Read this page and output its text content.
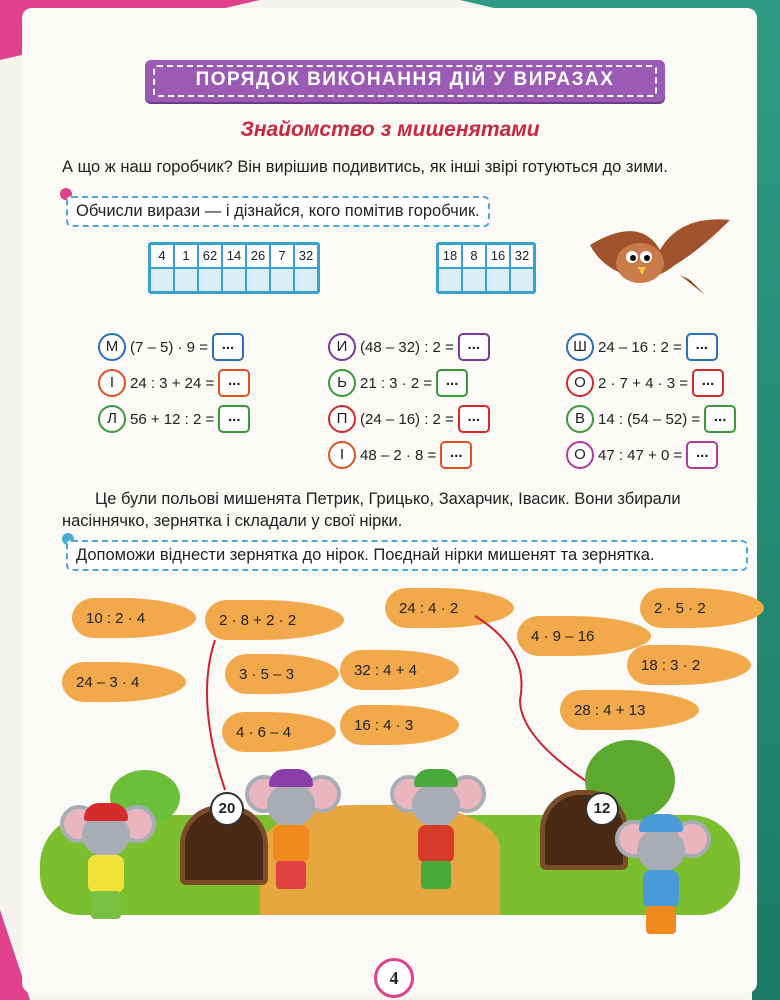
ПОРЯДОК ВИКОНАННЯ ДІЙ У ВИРАЗАХ
Знайомство з мишенятами
А що ж наш горобчик? Він вирішив подивитись, як інші звірі готуються до зими.
Обчисли вирази — і дізнайся, кого помітив горобчик.
4	1	62 14 26	7	32	18	8	16 32
М (7 – 5) · 9 = ...
І	24 : 3 + 24 = ...
Л 56 + 12 : 2 = ...
И (48 – 32) : 2 = ...
Ь 21 : 3 · 2 = ...
П (24 – 16) : 2 = ...
І	48 – 2 · 8 = ...
Ш 24 – 16 : 2 = ...
О 2 · 7 + 4 · 3 = ...
В 14 : (54 – 52) = ...
О 47 : 47 + 0 = ...
Це були польові мишенята Петрик, Грицько, Захарчик, Івасик. Вони збирали
насіннячко, зернятка і складали у свої нірки.
Допоможи віднести зернятка до нірок. Поєднай нірки мишенят та зернятка.
10 : 2 · 4	2 · 8 + 2 · 2
24 : 4 · 2	2 · 5 · 2
24 – 3 · 4	3 · 5 – 3	32 : 4 + 4
4 · 9 – 16
18 : 3 · 2
4 · 6 – 4	16 : 4 · 3
28 : 4 + 13
20	12
4
